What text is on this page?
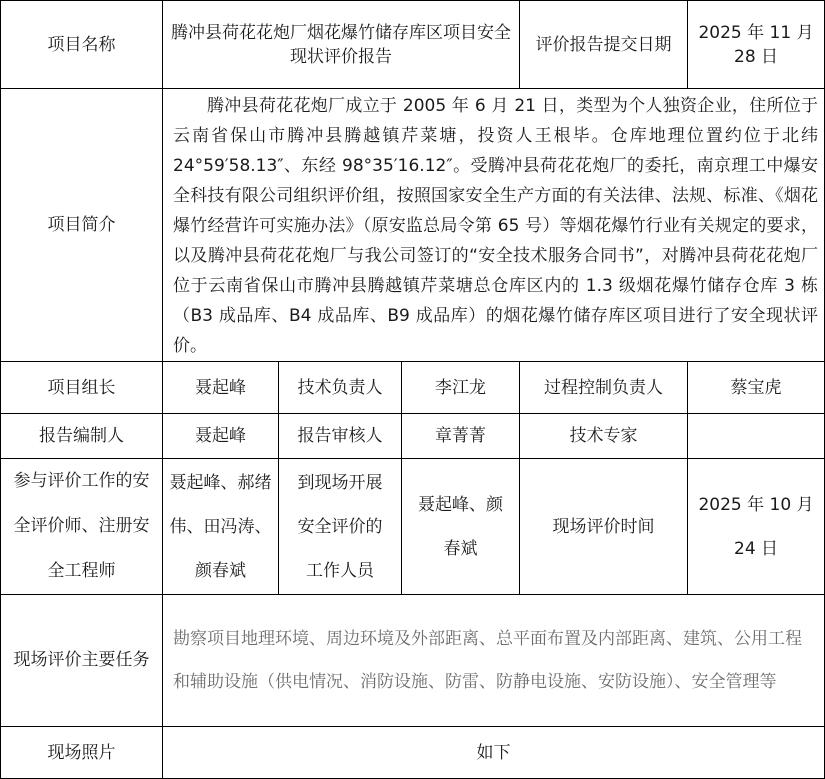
项目名称	腾冲县荷花花炮厂烟花爆竹储存库区项目安全现状评价报告			评价报告提交日期	2025 年 11 月 28 日
项目简介	腾冲县荷花花炮厂成立于 2005 年 6 月 21 日，类型为个人独资企业，住所位于云南省保山市腾冲县腾越镇芹菜塘，投资人王根毕。仓库地理位置约位于北纬 24°59′58.13″、东经 98°35′16.12″。受腾冲县荷花花炮厂的委托，南京理工中爆安全科技有限公司组织评价组，按照国家安全生产方面的有关法律、法规、标准、《烟花爆竹经营许可实施办法》（原安监总局令第 65 号）等烟花爆竹行业有关规定的要求，以及腾冲县荷花花炮厂与我公司签订的“安全技术服务合同书”，对腾冲县荷花花炮厂位于云南省保山市腾冲县腾越镇芹菜塘总仓库区内的 1.3 级烟花爆竹储存仓库 3 栋（B3 成品库、B4 成品库、B9 成品库）的烟花爆竹储存库区项目进行了安全现状评价。				

项目组长	聂起峰	技术负责人	李江龙	过程控制负责人	蔡宝虎
报告编制人	聂起峰	报告审核人	章菁菁	技术专家	

参与评价工作的安全评价师、注册安全工程师	聂起峰、郝绪伟、田冯涛、颜春斌	到现场开展安全评价的工作人员	聂起峰、颜春斌	现场评价时间	2025 年 10 月 24 日

现场评价主要任务	勘察项目地理环境、周边环境及外部距离、总平面布置及内部距离、建筑、公用工程和辅助设施（供电情况、消防设施、防雷、防静电设施、安防设施）、安全管理等				

现场照片	如下				
